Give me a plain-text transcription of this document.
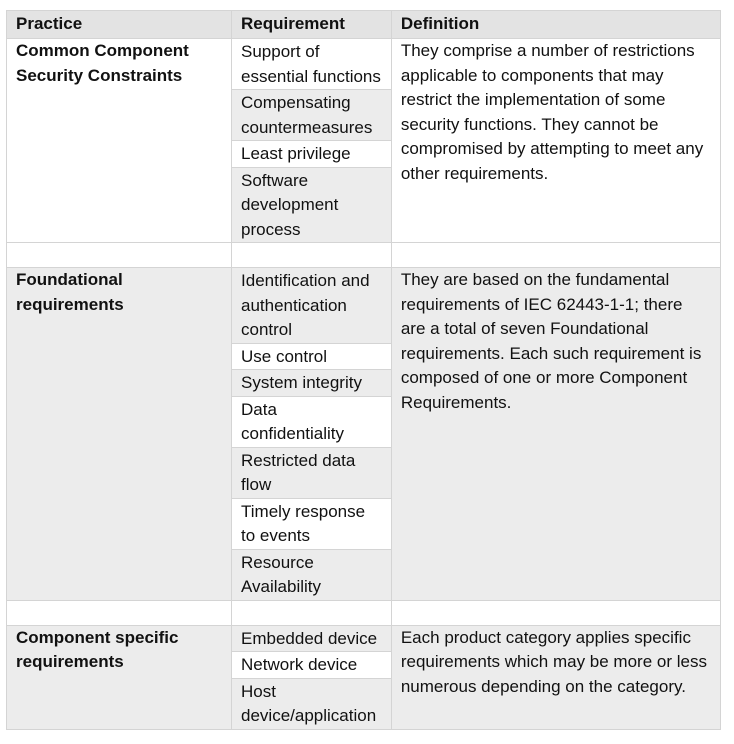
Practice	Requirement	Definition
Common Component Security Constraints	Support of essential functions	They comprise a number of restrictions applicable to components that may restrict the implementation of some security functions. They cannot be compromised by attempting to meet any other requirements.
	Compensating countermeasures	
	Least privilege	
	Software development process	

Foundational requirements	Identification and authentication control	They are based on the fundamental requirements of IEC 62443-1-1; there are a total of seven Foundational requirements. Each such requirement is composed of one or more Component Requirements.
	Use control	
	System integrity	
	Data confidentiality	
	Restricted data flow	
	Timely response to events	
	Resource Availability	

Component specific requirements	Embedded device	Each product category applies specific requirements which may be more or less numerous depending on the category.
	Network device	
	Host device/application	
